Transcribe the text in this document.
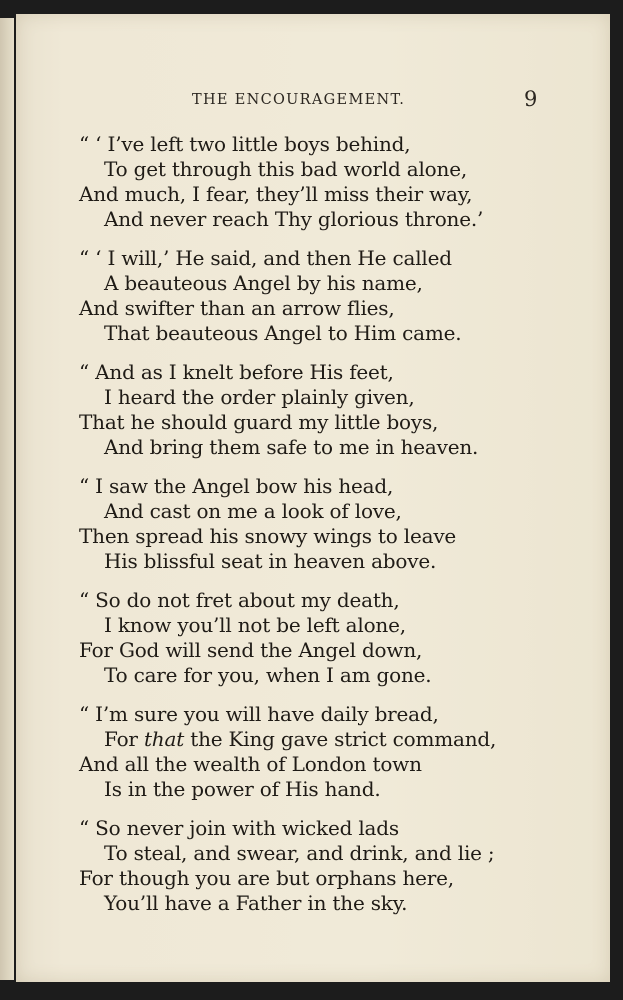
THE ENCOURAGEMENT.	9
“ ‘ I’ve left two little boys behind,
To get through this bad world alone,
And much, I fear, they’ll miss their way,
And never reach Thy glorious throne.’
“ ‘ I will,’ He said, and then He called
A beauteous Angel by his name,
And swifter than an arrow flies,
That beauteous Angel to Him came.
“ And as I knelt before His feet,
I heard the order plainly given,
That he should guard my little boys,
And bring them safe to me in heaven.
“ I saw the Angel bow his head,
And cast on me a look of love,
Then spread his snowy wings to leave
His blissful seat in heaven above.
“ So do not fret about my death,
I know you’ll not be left alone,
For God will send the Angel down,
To care for you, when I am gone.
“ I’m sure you will have daily bread,
For that the King gave strict command,
And all the wealth of London town
Is in the power of His hand.
“ So never join with wicked lads
To steal, and swear, and drink, and lie ;
For though you are but orphans here,
You’ll have a Father in the sky.
